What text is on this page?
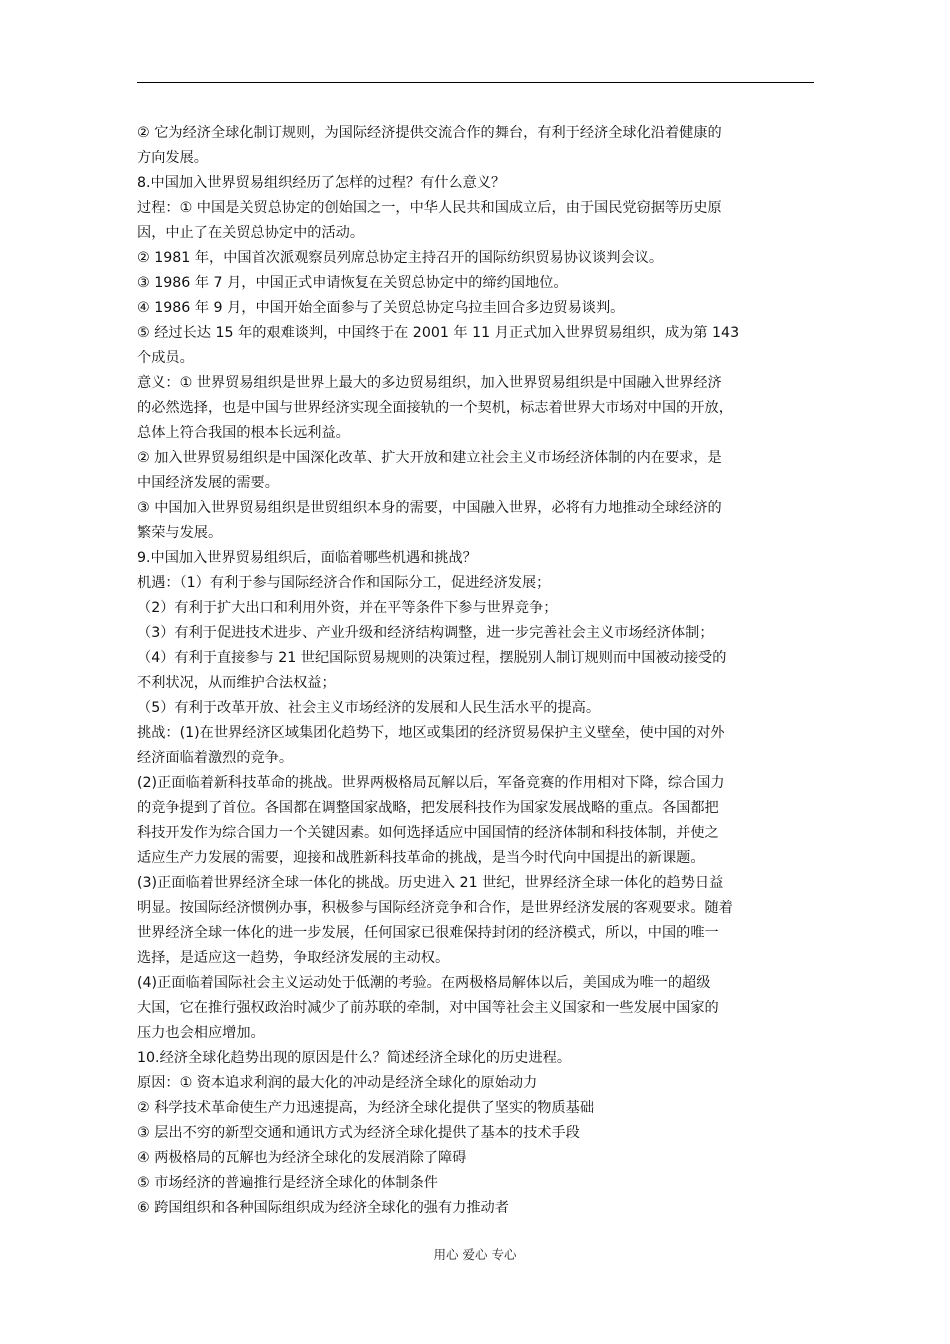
② 它为经济全球化制订规则，为国际经济提供交流合作的舞台，有利于经济全球化沿着健康的
方向发展。
8.中国加入世界贸易组织经历了怎样的过程？有什么意义？
过程：① 中国是关贸总协定的创始国之一，中华人民共和国成立后，由于国民党窃据等历史原
因，中止了在关贸总协定中的活动。
② 1981 年，中国首次派观察员列席总协定主持召开的国际纺织贸易协议谈判会议。
③ 1986 年 7 月，中国正式申请恢复在关贸总协定中的缔约国地位。
④ 1986 年 9 月，中国开始全面参与了关贸总协定乌拉圭回合多边贸易谈判。
⑤ 经过长达 15 年的艰难谈判，中国终于在 2001 年 11 月正式加入世界贸易组织，成为第 143
个成员。
意义：① 世界贸易组织是世界上最大的多边贸易组织，加入世界贸易组织是中国融入世界经济
的必然选择，也是中国与世界经济实现全面接轨的一个契机，标志着世界大市场对中国的开放，
总体上符合我国的根本长远利益。
② 加入世界贸易组织是中国深化改革、扩大开放和建立社会主义市场经济体制的内在要求，是
中国经济发展的需要。
③ 中国加入世界贸易组织是世贸组织本身的需要，中国融入世界，必将有力地推动全球经济的
繁荣与发展。
9.中国加入世界贸易组织后，面临着哪些机遇和挑战？
机遇：（1）有利于参与国际经济合作和国际分工，促进经济发展；
（2）有利于扩大出口和利用外资，并在平等条件下参与世界竞争；
（3）有利于促进技术进步、产业升级和经济结构调整，进一步完善社会主义市场经济体制；
（4）有利于直接参与 21 世纪国际贸易规则的决策过程，摆脱别人制订规则而中国被动接受的
不利状况，从而维护合法权益；
（5）有利于改革开放、社会主义市场经济的发展和人民生活水平的提高。
挑战：(1)在世界经济区域集团化趋势下，地区或集团的经济贸易保护主义壁垒，使中国的对外
经济面临着激烈的竞争。
(2)正面临着新科技革命的挑战。世界两极格局瓦解以后，军备竞赛的作用相对下降，综合国力
的竞争提到了首位。各国都在调整国家战略，把发展科技作为国家发展战略的重点。各国都把
科技开发作为综合国力一个关键因素。如何选择适应中国国情的经济体制和科技体制，并使之
适应生产力发展的需要，迎接和战胜新科技革命的挑战，是当今时代向中国提出的新课题。
(3)正面临着世界经济全球一体化的挑战。历史进入 21 世纪，世界经济全球一体化的趋势日益
明显。按国际经济惯例办事，积极参与国际经济竞争和合作，是世界经济发展的客观要求。随着
世界经济全球一体化的进一步发展，任何国家已很难保持封闭的经济模式，所以，中国的唯一
选择，是适应这一趋势，争取经济发展的主动权。
(4)正面临着国际社会主义运动处于低潮的考验。在两极格局解体以后，美国成为唯一的超级
大国，它在推行强权政治时减少了前苏联的牵制，对中国等社会主义国家和一些发展中国家的
压力也会相应增加。
10.经济全球化趋势出现的原因是什么？简述经济全球化的历史进程。
原因：① 资本追求利润的最大化的冲动是经济全球化的原始动力
② 科学技术革命使生产力迅速提高，为经济全球化提供了坚实的物质基础
③ 层出不穷的新型交通和通讯方式为经济全球化提供了基本的技术手段
④ 两极格局的瓦解也为经济全球化的发展消除了障碍
⑤ 市场经济的普遍推行是经济全球化的体制条件
⑥ 跨国组织和各种国际组织成为经济全球化的强有力推动者
用心 爱心 专心
